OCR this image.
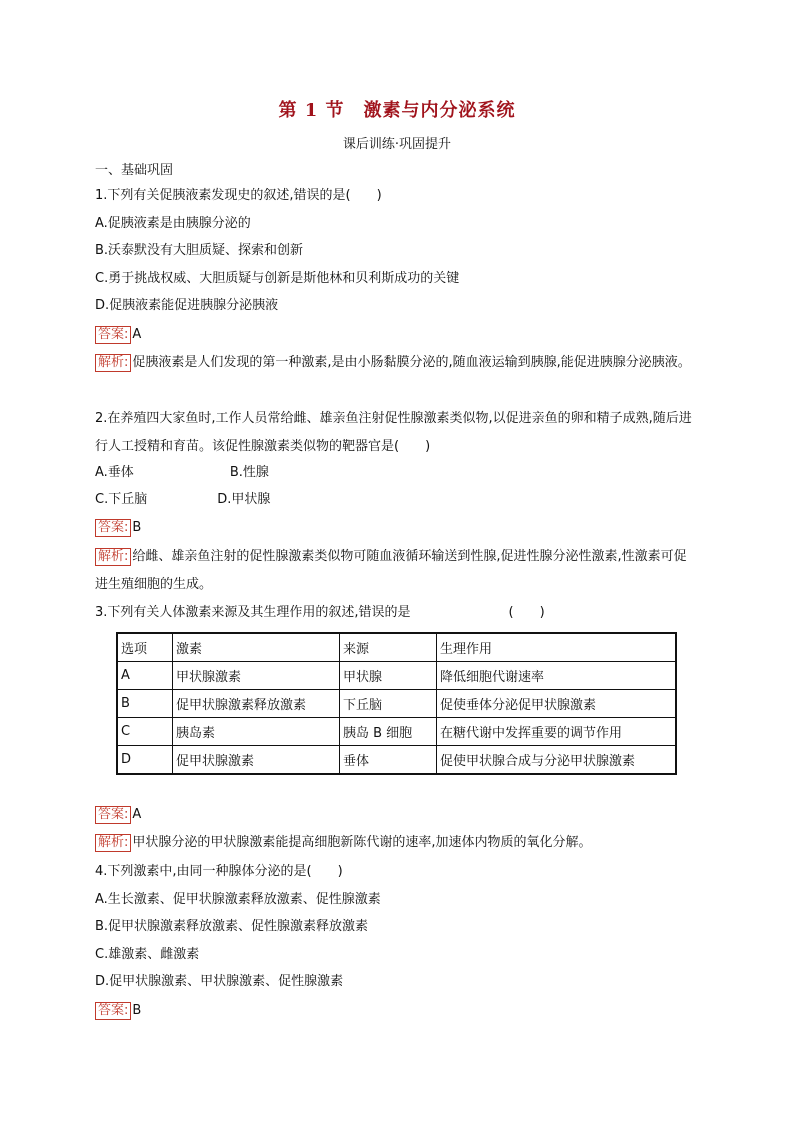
第 1 节　激素与内分泌系统
课后训练·巩固提升
一、基础巩固
1.下列有关促胰液素发现史的叙述,错误的是(　　)
A.促胰液素是由胰腺分泌的
B.沃泰默没有大胆质疑、探索和创新
C.勇于挑战权威、大胆质疑与创新是斯他林和贝利斯成功的关键
D.促胰液素能促进胰腺分泌胰液
答案: A
解析: 促胰液素是人们发现的第一种激素,是由小肠黏膜分泌的,随血液运输到胰腺,能促进胰腺分泌胰液。
2.在养殖四大家鱼时,工作人员常给雌、雄亲鱼注射促性腺激素类似物,以促进亲鱼的卵和精子成熟,随后进行人工授精和育苗。该促性腺激素类似物的靶器官是(　　)
A.垂体	B.性腺
C.下丘脑	D.甲状腺
答案: B
解析: 给雌、雄亲鱼注射的促性腺激素类似物可随血液循环输送到性腺,促进性腺分泌性激素,性激素可促进生殖细胞的生成。
3.下列有关人体激素来源及其生理作用的叙述,错误的是	(　　)
选项	激素	来源	生理作用
A	甲状腺激素	甲状腺	降低细胞代谢速率
B	促甲状腺激素释放激素	下丘脑	促使垂体分泌促甲状腺激素
C	胰岛素	胰岛 B 细胞	在糖代谢中发挥重要的调节作用
D	促甲状腺激素	垂体	促使甲状腺合成与分泌甲状腺激素
答案: A
解析: 甲状腺分泌的甲状腺激素能提高细胞新陈代谢的速率,加速体内物质的氧化分解。
4.下列激素中,由同一种腺体分泌的是(　　)
A.生长激素、促甲状腺激素释放激素、促性腺激素
B.促甲状腺激素释放激素、促性腺激素释放激素
C.雄激素、雌激素
D.促甲状腺激素、甲状腺激素、促性腺激素
答案: B
